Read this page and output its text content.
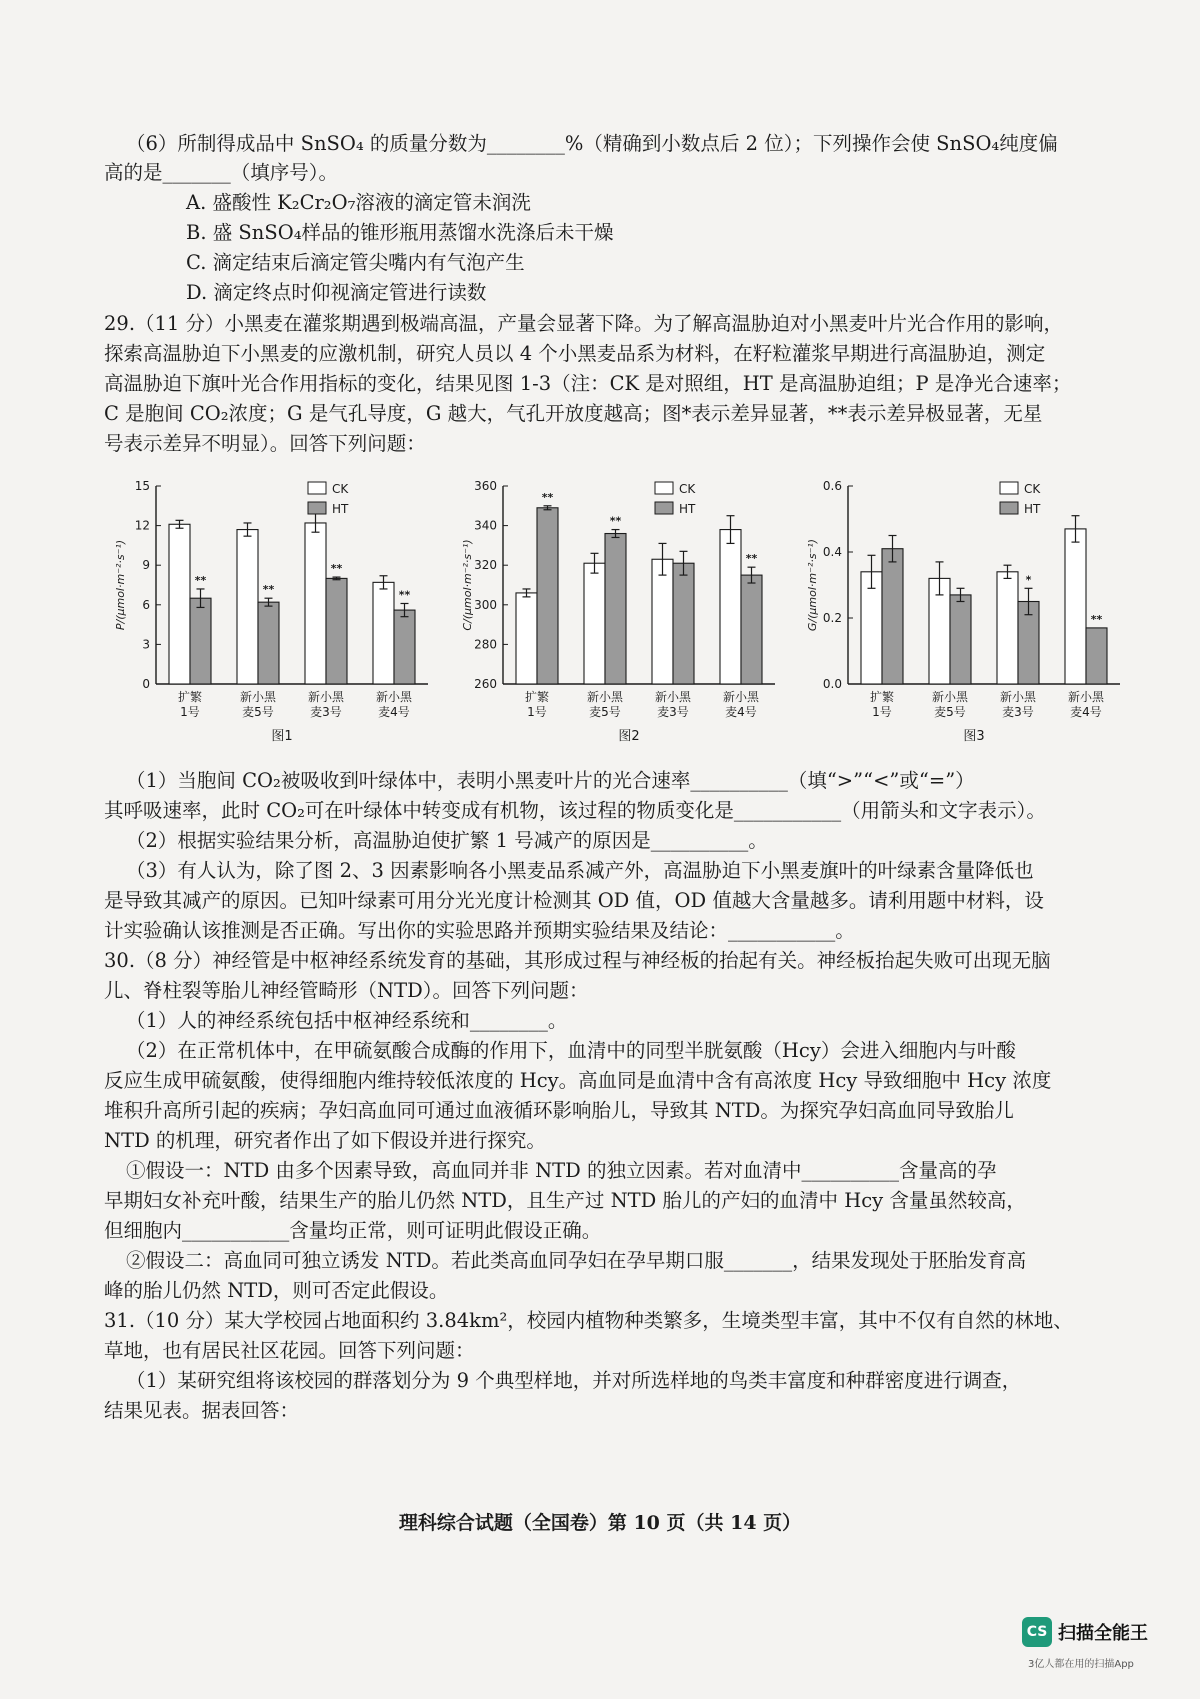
（6）所制得成品中 SnSO₄ 的质量分数为________%（精确到小数点后 2 位）；下列操作会使 SnSO₄纯度偏
高的是_______（填序号）。
A. 盛酸性 K₂Cr₂O₇溶液的滴定管未润洗
B. 盛 SnSO₄样品的锥形瓶用蒸馏水洗涤后未干燥
C. 滴定结束后滴定管尖嘴内有气泡产生
D. 滴定终点时仰视滴定管进行读数
29.（11 分）小黑麦在灌浆期遇到极端高温，产量会显著下降。为了解高温胁迫对小黑麦叶片光合作用的影响，
探索高温胁迫下小黑麦的应激机制，研究人员以 4 个小黑麦品系为材料，在籽粒灌浆早期进行高温胁迫，测定
高温胁迫下旗叶光合作用指标的变化，结果见图 1-3（注：CK 是对照组，HT 是高温胁迫组；P 是净光合速率；
C 是胞间 CO₂浓度；G 是气孔导度，G 越大，气孔开放度越高；图*表示差异显著，**表示差异极显著，无星
号表示差异不明显）。回答下列问题：
0
3
6
9
12
15
P/(μmol·m⁻²·s⁻¹)	**
扩繁
1号
**
新小黑
麦5号
**
新小黑
麦3号
**
新小黑
麦4号
CK
HT
图1
260
280
300
320
340
360
C/(μmol·m⁻²·s⁻¹)
**
扩繁
1号
**
新小黑
麦5号
新小黑
麦3号
**
新小黑
麦4号
CK
HT
图2
0.0
0.2
0.4
0.6
G/(μmol·m⁻²·s⁻¹)
扩繁
1号
新小黑
麦5号
*
新小黑
麦3号
**
新小黑
麦4号
CK
HT
图3
（1）当胞间 CO₂被吸收到叶绿体中，表明小黑麦叶片的光合速率__________（填“>”“<”或“=”）
其呼吸速率，此时 CO₂可在叶绿体中转变成有机物，该过程的物质变化是___________（用箭头和文字表示）。
（2）根据实验结果分析，高温胁迫使扩繁 1 号减产的原因是__________。
（3）有人认为，除了图 2、3 因素影响各小黑麦品系减产外，高温胁迫下小黑麦旗叶的叶绿素含量降低也
是导致其减产的原因。已知叶绿素可用分光光度计检测其 OD 值，OD 值越大含量越多。请利用题中材料，设
计实验确认该推测是否正确。写出你的实验思路并预期实验结果及结论：___________。
30.（8 分）神经管是中枢神经系统发育的基础，其形成过程与神经板的抬起有关。神经板抬起失败可出现无脑
儿、脊柱裂等胎儿神经管畸形（NTD）。回答下列问题：
（1）人的神经系统包括中枢神经系统和________。
（2）在正常机体中，在甲硫氨酸合成酶的作用下，血清中的同型半胱氨酸（Hcy）会进入细胞内与叶酸
反应生成甲硫氨酸，使得细胞内维持较低浓度的 Hcy。高血同是血清中含有高浓度 Hcy 导致细胞中 Hcy 浓度
堆积升高所引起的疾病；孕妇高血同可通过血液循环影响胎儿，导致其 NTD。为探究孕妇高血同导致胎儿
NTD 的机理，研究者作出了如下假设并进行探究。
①假设一：NTD 由多个因素导致，高血同并非 NTD 的独立因素。若对血清中__________含量高的孕
早期妇女补充叶酸，结果生产的胎儿仍然 NTD，且生产过 NTD 胎儿的产妇的血清中 Hcy 含量虽然较高，
但细胞内___________含量均正常，则可证明此假设正确。
②假设二：高血同可独立诱发 NTD。若此类高血同孕妇在孕早期口服_______，结果发现处于胚胎发育高
峰的胎儿仍然 NTD，则可否定此假设。
31.（10 分）某大学校园占地面积约 3.84km²，校园内植物种类繁多，生境类型丰富，其中不仅有自然的林地、
草地，也有居民社区花园。回答下列问题：
（1）某研究组将该校园的群落划分为 9 个典型样地，并对所选样地的鸟类丰富度和种群密度进行调查，
结果见表。据表回答：
理科综合试题（全国卷）第 10 页（共 14 页）
CS 扫描全能王
3亿人都在用的扫描App
